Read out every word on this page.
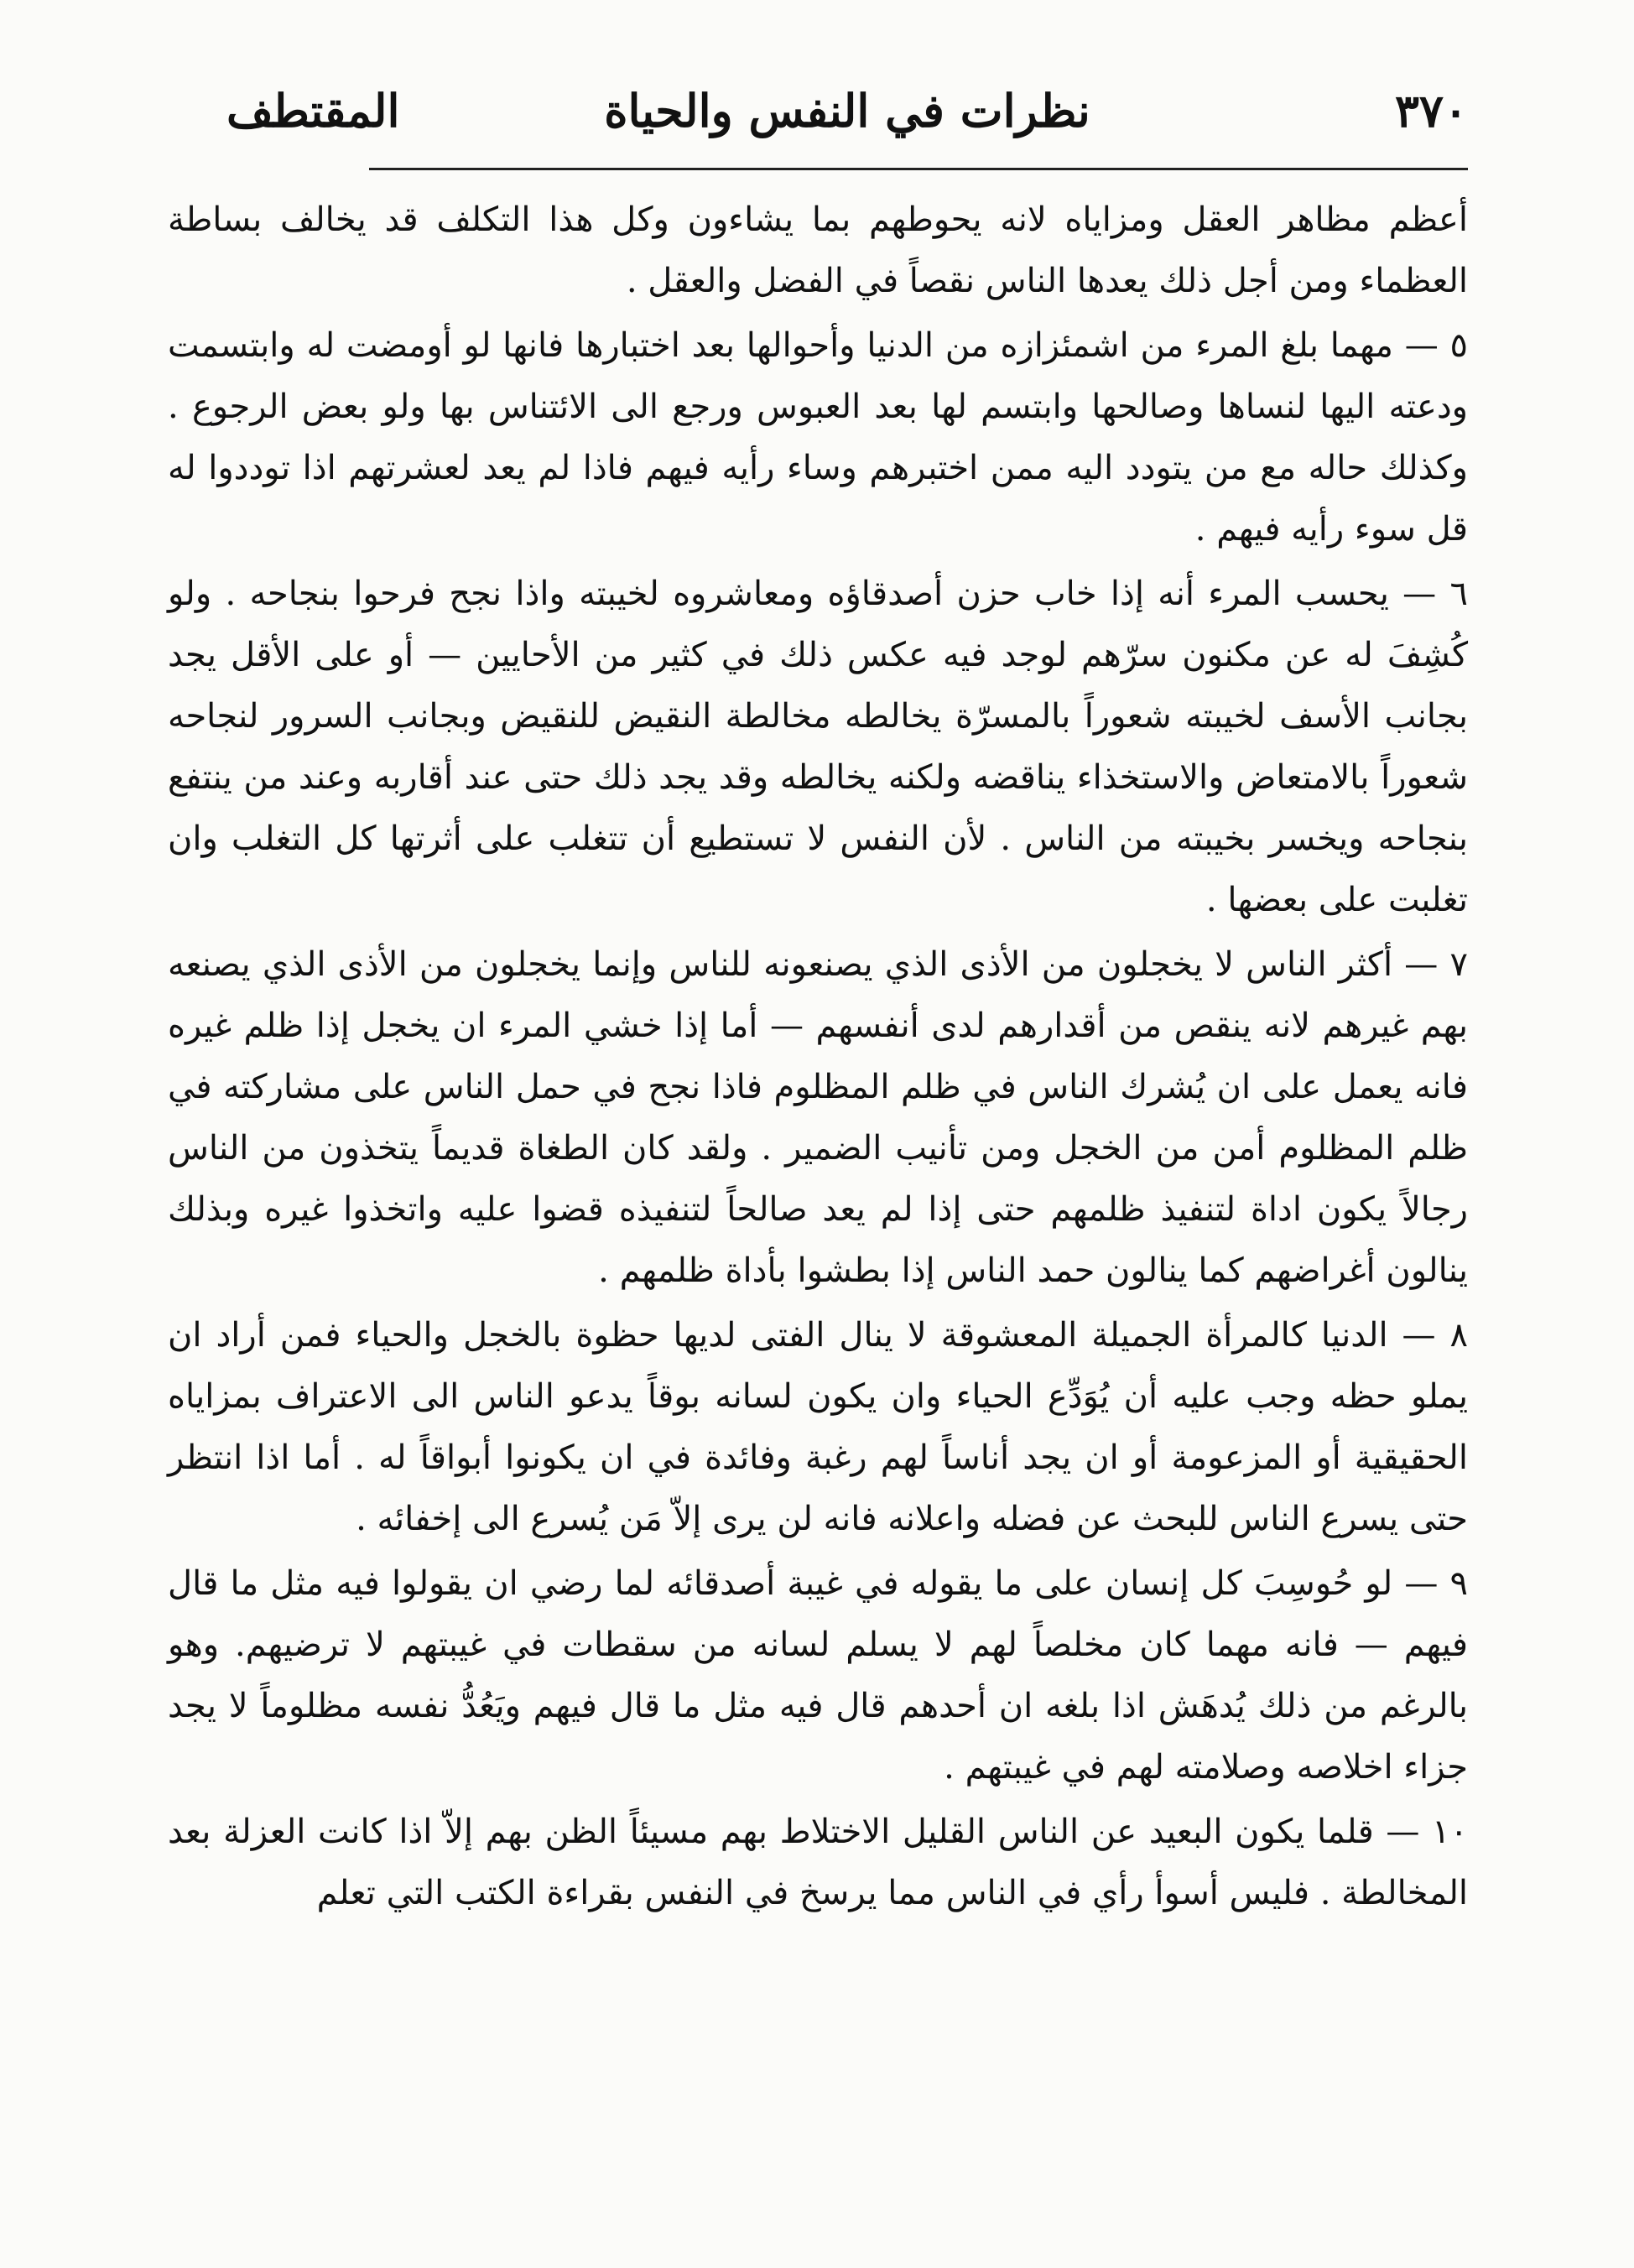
٣٧٠
نظرات في النفس والحياة
المقتطف

أعظم مظاهر العقل ومزاياه لانه يحوطهم بما يشاءون وكل هذا التكلف قد يخالف بساطة العظماء ومن أجل ذلك يعدها الناس نقصاً في الفضل والعقل .

٥ — مهما بلغ المرء من اشمئزازه من الدنيا وأحوالها بعد اختبارها فانها لو أومضت له وابتسمت ودعته اليها لنساها وصالحها وابتسم لها بعد العبوس ورجع الى الائتناس بها ولو بعض الرجوع . وكذلك حاله مع من يتودد اليه ممن اختبرهم وساء رأيه فيهم فاذا لم يعد لعشرتهم اذا توددوا له قل سوء رأيه فيهم .

٦ — يحسب المرء أنه إذا خاب حزن أصدقاؤه ومعاشروه لخيبته واذا نجح فرحوا بنجاحه . ولو كُشِفَ له عن مكنون سرّهم لوجد فيه عكس ذلك في كثير من الأحايين — أو على الأقل يجد بجانب الأسف لخيبته شعوراً بالمسرّة يخالطه مخالطة النقيض للنقيض وبجانب السرور لنجاحه شعوراً بالامتعاض والاستخذاء يناقضه ولكنه يخالطه وقد يجد ذلك حتى عند أقاربه وعند من ينتفع بنجاحه ويخسر بخيبته من الناس . لأن النفس لا تستطيع أن تتغلب على أثرتها كل التغلب وان تغلبت على بعضها .

٧ — أكثر الناس لا يخجلون من الأذى الذي يصنعونه للناس وإنما يخجلون من الأذى الذي يصنعه بهم غيرهم لانه ينقص من أقدارهم لدى أنفسهم — أما إذا خشي المرء ان يخجل إذا ظلم غيره فانه يعمل على ان يُشرك الناس في ظلم المظلوم فاذا نجح في حمل الناس على مشاركته في ظلم المظلوم أمن من الخجل ومن تأنيب الضمير . ولقد كان الطغاة قديماً يتخذون من الناس رجالاً يكون اداة لتنفيذ ظلمهم حتى إذا لم يعد صالحاً لتنفيذه قضوا عليه واتخذوا غيره وبذلك ينالون أغراضهم كما ينالون حمد الناس إذا بطشوا بأداة ظلمهم .

٨ — الدنيا كالمرأة الجميلة المعشوقة لا ينال الفتى لديها حظوة بالخجل والحياء فمن أراد ان يملو حظه وجب عليه أن يُوَدِّع الحياء وان يكون لسانه بوقاً يدعو الناس الى الاعتراف بمزاياه الحقيقية أو المزعومة أو ان يجد أناساً لهم رغبة وفائدة في ان يكونوا أبواقاً له . أما اذا انتظر حتى يسرع الناس للبحث عن فضله واعلانه فانه لن يرى إلاّ مَن يُسرع الى إخفائه .

٩ — لو حُوسِبَ كل إنسان على ما يقوله في غيبة أصدقائه لما رضي ان يقولوا فيه مثل ما قال فيهم — فانه مهما كان مخلصاً لهم لا يسلم لسانه من سقطات في غيبتهم لا ترضيهم. وهو بالرغم من ذلك يُدهَش اذا بلغه ان أحدهم قال فيه مثل ما قال فيهم ويَعُدُّ نفسه مظلوماً لا يجد جزاء اخلاصه وصلامته لهم في غيبتهم .

١٠ — قلما يكون البعيد عن الناس القليل الاختلاط بهم مسيئاً الظن بهم إلاّ اذا كانت العزلة بعد المخالطة . فليس أسوأ رأي في الناس مما يرسخ في النفس بقراءة الكتب التي تعلم
